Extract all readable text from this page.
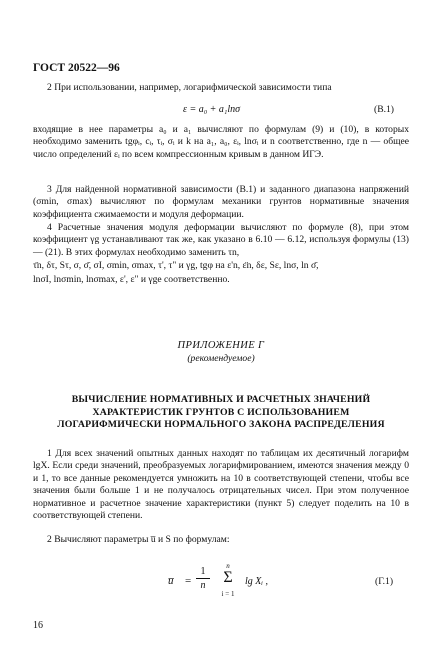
ГОСТ 20522—96
2 При использовании, например, логарифмической зависимости типа
ε = a₀ + a₁lnσ	(В.1)
входящие в нее параметры a₀ и a₁ вычисляют по формулам (9) и (10), в которых необходимо заменить tgφᵢ, cᵢ, τᵢ, σᵢ и k на a₁, a₀, εᵢ, lnσᵢ и n соответственно, где n — общее число определений εᵢ по всем компрессионным кривым в данном ИГЭ.
3 Для найденной нормативной зависимости (В.1) и заданного диапазона напряжений (σmin, σmax) вычисляют по формулам механики грунтов нормативные значения коэффициента сжимаемости и модуля деформации.
4 Расчетные значения модуля деформации вычисляют по формуле (8), при этом коэффициент γg устанавливают так же, как указано в 6.10 — 6.12, используя формулы (13) — (21). В этих формулах необходимо заменить τn,
τ̈n, δτ, Sτ, σ, σ̄, σI, σmin, σmax, τ', τ" и γg, tgφ на ε'n, ε̈n, δε, Sε, lnσ, ln σ̄,
lnσI, lnσmin, lnσmax, ε', ε" и γge соответственно.
ПРИЛОЖЕНИЕ Г
(рекомендуемое)
ВЫЧИСЛЕНИЕ НОРМАТИВНЫХ И РАСЧЕТНЫХ ЗНАЧЕНИЙ
ХАРАКТЕРИСТИК ГРУНТОВ С ИСПОЛЬЗОВАНИЕМ
ЛОГАРИФМИЧЕСКИ НОРМАЛЬНОГО ЗАКОНА РАСПРЕДЕЛЕНИЯ
1 Для всех значений опытных данных находят по таблицам их десятичный логарифм lgX. Если среди значений, преобразуемых логарифмированием, имеются значения между 0 и 1, то все данные рекомендуется умножить на 10 в соответствующей степени, чтобы все значения были больше 1 и не получалось отрицательных чисел. При этом полученное нормативное и расчетное значение характеристики (пункт 5) следует поделить на 10 в соответствующей степени.
2 Вычисляют параметры u̅ и S по формулам:
u̅ =
1
n
n
Σ
i = 1
lg Xᵢ ,	(Г.1)
16
